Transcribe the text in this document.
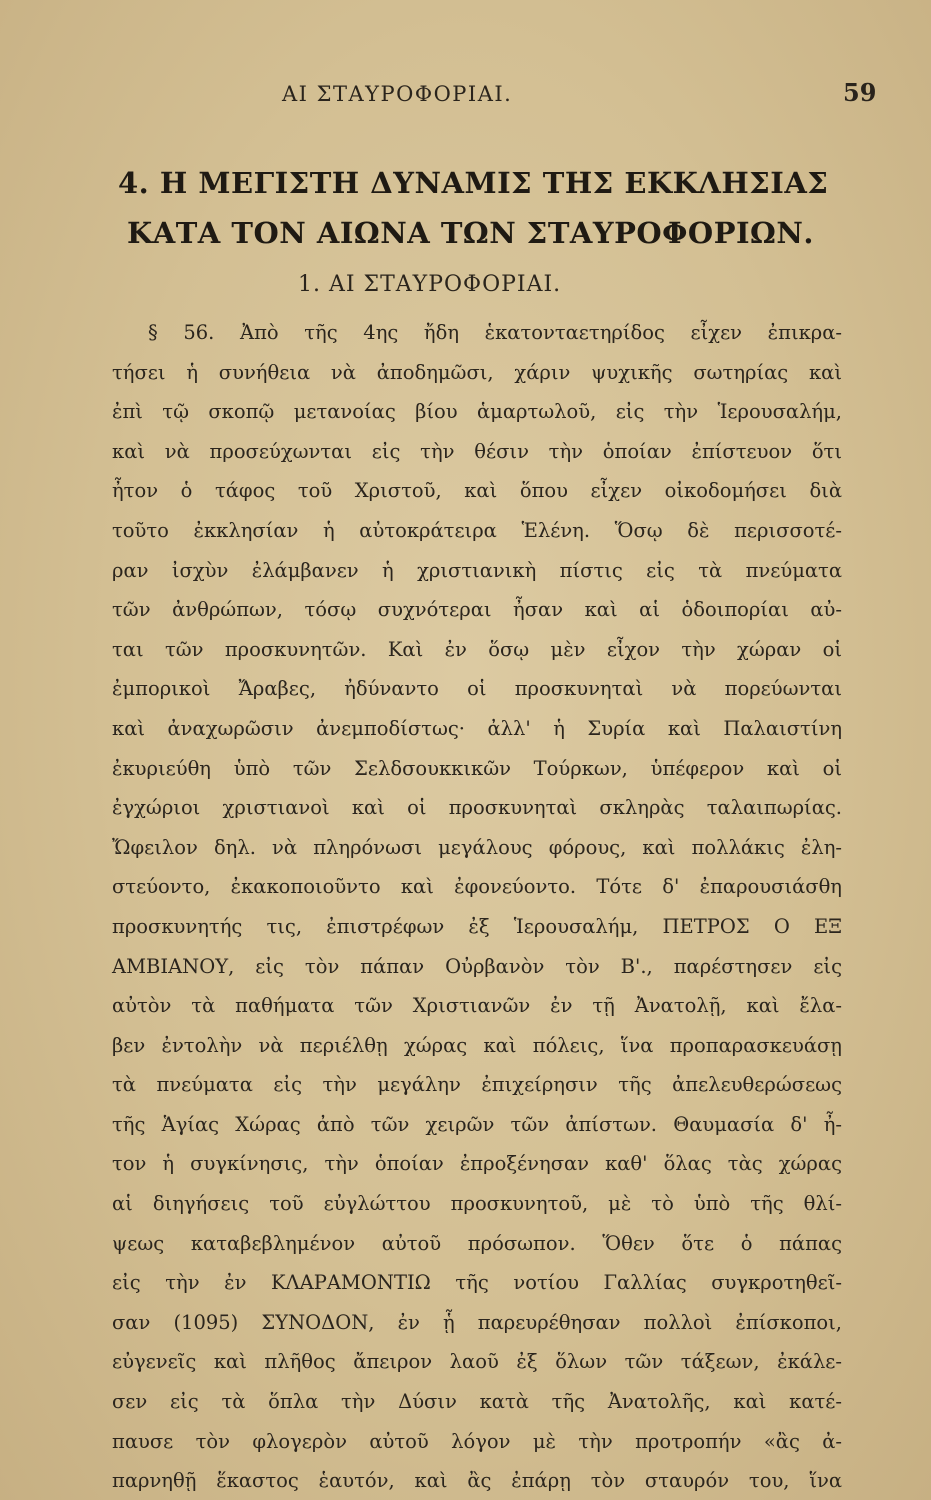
ΑΙ ΣΤΑΥΡΟΦΟΡΙΑΙ.	59
4. Η ΜΕΓΙΣΤΗ ΔΥΝΑΜΙΣ ΤΗΣ ΕΚΚΛΗΣΙΑΣ
ΚΑΤΑ ΤΟΝ ΑΙΩΝΑ ΤΩΝ ΣΤΑΥΡΟΦΟΡΙΩΝ.
1. ΑΙ ΣΤΑΥΡΟΦΟΡΙΑΙ.
§ 56. Ἀπὸ τῆς 4ης ἤδη ἑκατονταετηρίδος εἶχεν ἐπικρα-
τήσει ἡ συνήθεια νὰ ἀποδημῶσι, χάριν ψυχικῆς σωτηρίας καὶ
ἐπὶ τῷ σκοπῷ μετανοίας βίου ἁμαρτωλοῦ, εἰς τὴν Ἱερουσαλήμ,
καὶ νὰ προσεύχωνται εἰς τὴν θέσιν τὴν ὁποίαν ἐπίστευον ὅτι
ἦτον ὁ τάφος τοῦ Χριστοῦ, καὶ ὅπου εἶχεν οἰκοδομήσει διὰ
τοῦτο ἐκκλησίαν ἡ αὐτοκράτειρα Ἑλένη. Ὅσῳ δὲ περισσοτέ-
ραν ἰσχὺν ἐλάμβανεν ἡ χριστιανικὴ πίστις εἰς τὰ πνεύματα
τῶν ἀνθρώπων, τόσῳ συχνότεραι ἦσαν καὶ αἱ ὁδοιπορίαι αὐ-
ται τῶν προσκυνητῶν. Καὶ ἐν ὅσῳ μὲν εἶχον τὴν χώραν οἱ
ἐμπορικοὶ Ἄραβες, ἠδύναντο οἱ προσκυνηταὶ νὰ πορεύωνται
καὶ ἀναχωρῶσιν ἀνεμποδίστως· ἀλλ' ἡ Συρία καὶ Παλαιστίνη
ἐκυριεύθη ὑπὸ τῶν Σελδσουκκικῶν Τούρκων, ὑπέφερον καὶ οἱ
ἐγχώριοι χριστιανοὶ καὶ οἱ προσκυνηταὶ σκληρὰς ταλαιπωρίας.
Ὤφειλον δηλ. νὰ πληρόνωσι μεγάλους φόρους, καὶ πολλάκις ἐλη-
στεύοντο, ἐκακοποιοῦντο καὶ ἐφονεύοντο. Τότε δ' ἐπαρουσιάσθη
προσκυνητής τις, ἐπιστρέφων ἐξ Ἱερουσαλήμ, ΠΕΤΡΟΣ Ο ΕΞ
ΑΜΒΙΑΝΟΥ, εἰς τὸν πάπαν Οὐρβανὸν τὸν Β'., παρέστησεν εἰς
αὐτὸν τὰ παθήματα τῶν Χριστιανῶν ἐν τῇ Ἀνατολῇ, καὶ ἔλα-
βεν ἐντολὴν νὰ περιέλθῃ χώρας καὶ πόλεις, ἵνα προπαρασκευάσῃ
τὰ πνεύματα εἰς τὴν μεγάλην ἐπιχείρησιν τῆς ἀπελευθερώσεως
τῆς Ἁγίας Χώρας ἀπὸ τῶν χειρῶν τῶν ἀπίστων. Θαυμασία δ' ἦ-
τον ἡ συγκίνησις, τὴν ὁποίαν ἐπροξένησαν καθ' ὅλας τὰς χώρας
αἱ διηγήσεις τοῦ εὐγλώττου προσκυνητοῦ, μὲ τὸ ὑπὸ τῆς θλί-
ψεως καταβεβλημένον αὐτοῦ πρόσωπον. Ὅθεν ὅτε ὁ πάπας
εἰς τὴν ἐν ΚΛΑΡΑΜΟΝΤΙΩ τῆς νοτίου Γαλλίας συγκροτηθεῖ-
σαν (1095) ΣΥΝΟΔΟΝ, ἐν ᾗ παρευρέθησαν πολλοὶ ἐπίσκοποι,
εὐγενεῖς καὶ πλῆθος ἄπειρον λαοῦ ἐξ ὅλων τῶν τάξεων, ἐκάλε-
σεν εἰς τὰ ὅπλα τὴν Δύσιν κατὰ τῆς Ἀνατολῆς, καὶ κατέ-
παυσε τὸν φλογερὸν αὐτοῦ λόγον μὲ τὴν προτροπήν «ἂς ἀ-
παρνηθῇ ἕκαστος ἑαυτόν, καὶ ἂς ἐπάρῃ τὸν σταυρόν του, ἵνα
